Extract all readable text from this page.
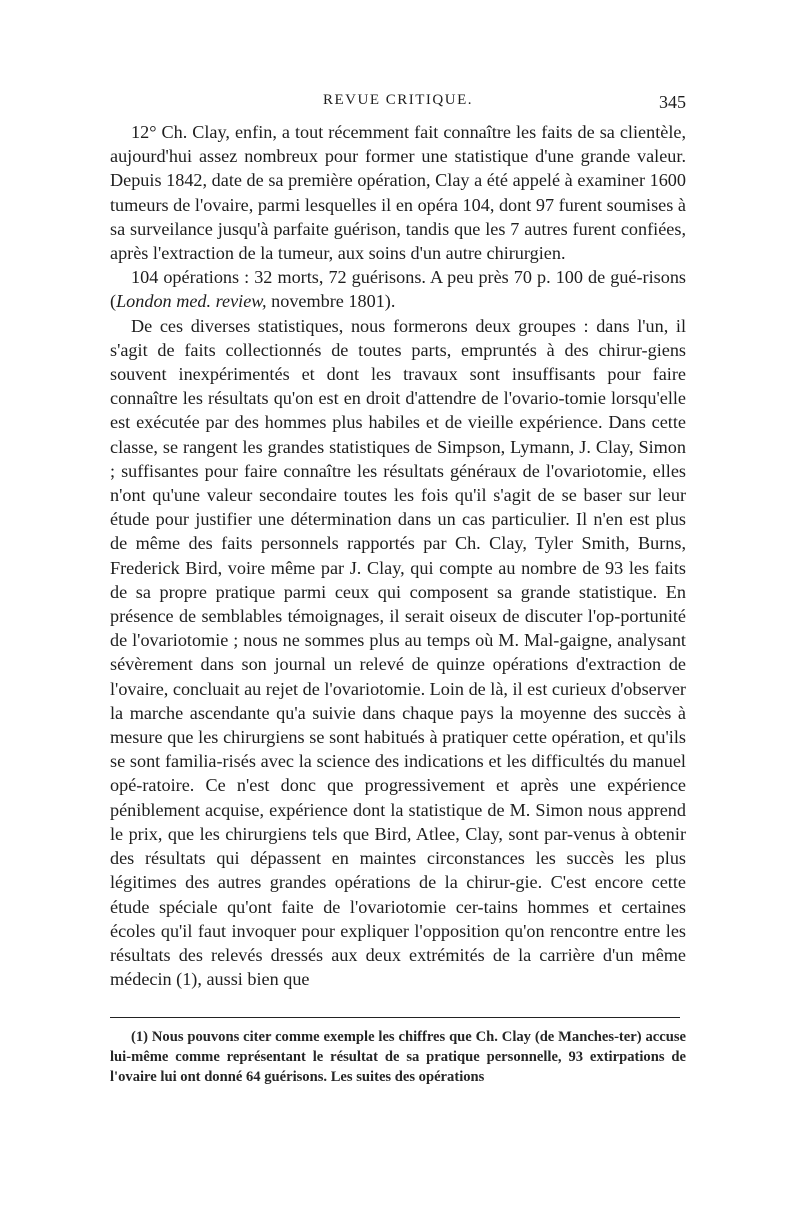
REVUE CRITIQUE.	345

12° Ch. Clay, enfin, a tout récemment fait connaître les faits de sa clientèle, aujourd'hui assez nombreux pour former une statistique d'une grande valeur. Depuis 1842, date de sa première opération, Clay a été appelé à examiner 1600 tumeurs de l'ovaire, parmi lesquelles il en opéra 104, dont 97 furent soumises à sa surveilance jusqu'à parfaite guérison, tandis que les 7 autres furent confiées, après l'extraction de la tumeur, aux soins d'un autre chirurgien.

104 opérations : 32 morts, 72 guérisons. A peu près 70 p. 100 de gué-risons (London med. review, novembre 1801).

De ces diverses statistiques, nous formerons deux groupes : dans l'un, il s'agit de faits collectionnés de toutes parts, empruntés à des chirur-giens souvent inexpérimentés et dont les travaux sont insuffisants pour faire connaître les résultats qu'on est en droit d'attendre de l'ovario-tomie lorsqu'elle est exécutée par des hommes plus habiles et de vieille expérience. Dans cette classe, se rangent les grandes statistiques de Simpson, Lymann, J. Clay, Simon ; suffisantes pour faire connaître les résultats généraux de l'ovariotomie, elles n'ont qu'une valeur secondaire toutes les fois qu'il s'agit de se baser sur leur étude pour justifier une détermination dans un cas particulier. Il n'en est plus de même des faits personnels rapportés par Ch. Clay, Tyler Smith, Burns, Frederick Bird, voire même par J. Clay, qui compte au nombre de 93 les faits de sa propre pratique parmi ceux qui composent sa grande statistique. En présence de semblables témoignages, il serait oiseux de discuter l'op-portunité de l'ovariotomie ; nous ne sommes plus au temps où M. Mal-gaigne, analysant sévèrement dans son journal un relevé de quinze opérations d'extraction de l'ovaire, concluait au rejet de l'ovariotomie. Loin de là, il est curieux d'observer la marche ascendante qu'a suivie dans chaque pays la moyenne des succès à mesure que les chirurgiens se sont habitués à pratiquer cette opération, et qu'ils se sont familia-risés avec la science des indications et les difficultés du manuel opé-ratoire. Ce n'est donc que progressivement et après une expérience péniblement acquise, expérience dont la statistique de M. Simon nous apprend le prix, que les chirurgiens tels que Bird, Atlee, Clay, sont par-venus à obtenir des résultats qui dépassent en maintes circonstances les succès les plus légitimes des autres grandes opérations de la chirur-gie. C'est encore cette étude spéciale qu'ont faite de l'ovariotomie cer-tains hommes et certaines écoles qu'il faut invoquer pour expliquer l'opposition qu'on rencontre entre les résultats des relevés dressés aux deux extrémités de la carrière d'un même médecin (1), aussi bien que

(1) Nous pouvons citer comme exemple les chiffres que Ch. Clay (de Manches-ter) accuse lui-même comme représentant le résultat de sa pratique personnelle, 93 extirpations de l'ovaire lui ont donné 64 guérisons. Les suites des opérations
